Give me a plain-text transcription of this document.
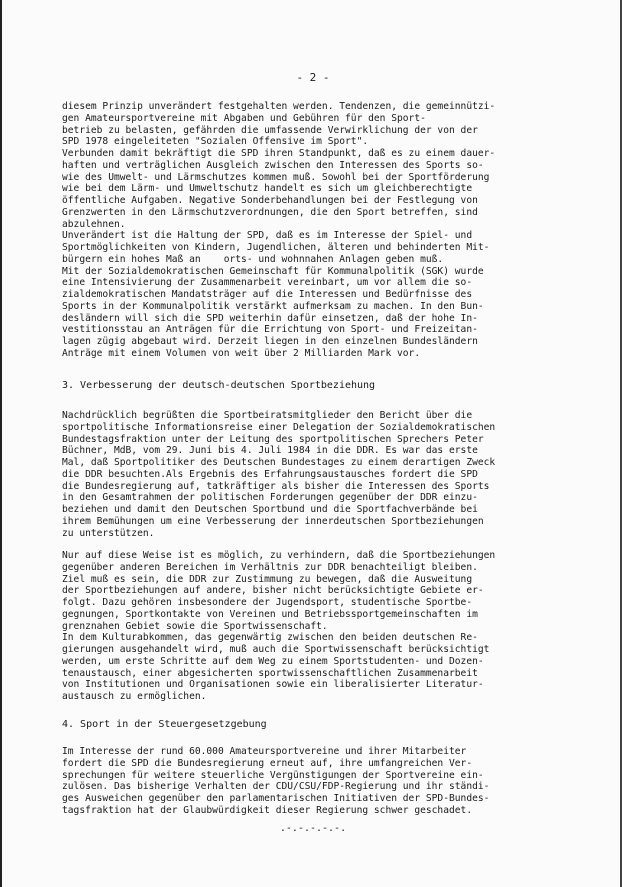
- 2 -

diesem Prinzip unverändert festgehalten werden. Tendenzen, die gemeinnützi-

gen Amateursportvereine mit Abgaben und Gebühren für den Sport-

betrieb zu belasten, gefährden die umfassende Verwirklichung der von der

SPD 1978 eingeleiteten "Sozialen Offensive im Sport".

Verbunden damit bekräftigt die SPD ihren Standpunkt, daß es zu einem dauer-

haften und verträglichen Ausgleich zwischen den Interessen des Sports so-

wie des Umwelt- und Lärmschutzes kommen muß. Sowohl bei der Sportförderung

wie bei dem Lärm- und Umweltschutz handelt es sich um gleichberechtigte

öffentliche Aufgaben. Negative Sonderbehandlungen bei der Festlegung von

Grenzwerten in den Lärmschutzverordnungen, die den Sport betreffen, sind

abzulehnen.

Unverändert ist die Haltung der SPD, daß es im Interesse der Spiel- und

Sportmöglichkeiten von Kindern, Jugendlichen, älteren und behinderten Mit-

bürgern ein hohes Maß an    orts- und wohnnahen Anlagen geben muß.

Mit der Sozialdemokratischen Gemeinschaft für Kommunalpolitik (SGK) wurde

eine Intensivierung der Zusammenarbeit vereinbart, um vor allem die so-

zialdemokratischen Mandatsträger auf die Interessen und Bedürfnisse des

Sports in der Kommunalpolitik verstärkt aufmerksam zu machen. In den Bun-

desländern will sich die SPD weiterhin dafür einsetzen, daß der hohe In-

vestitionsstau an Anträgen für die Errichtung von Sport- und Freizeitan-

lagen zügig abgebaut wird. Derzeit liegen in den einzelnen Bundesländern

Anträge mit einem Volumen von weit über 2 Milliarden Mark vor.

3. Verbesserung der deutsch-deutschen Sportbeziehung

Nachdrücklich begrüßten die Sportbeiratsmitglieder den Bericht über die

sportpolitische Informationsreise einer Delegation der Sozialdemokratischen

Bundestagsfraktion unter der Leitung des sportpolitischen Sprechers Peter

Büchner, MdB, vom 29. Juni bis 4. Juli 1984 in die DDR. Es war das erste

Mal, daß Sportpolitiker des Deutschen Bundestages zu einem derartigen Zweck

die DDR besuchten.Als Ergebnis des Erfahrungsaustausches fordert die SPD

die Bundesregierung auf, tatkräftiger als bisher die Interessen des Sports

in den Gesamtrahmen der politischen Forderungen gegenüber der DDR einzu-

beziehen und damit den Deutschen Sportbund und die Sportfachverbände bei

ihrem Bemühungen um eine Verbesserung der innerdeutschen Sportbeziehungen

zu unterstützen.

Nur auf diese Weise ist es möglich, zu verhindern, daß die Sportbeziehungen

gegenüber anderen Bereichen im Verhältnis zur DDR benachteiligt bleiben.

Ziel muß es sein, die DDR zur Zustimmung zu bewegen, daß die Ausweitung

der Sportbeziehungen auf andere, bisher nicht berücksichtigte Gebiete er-

folgt. Dazu gehören insbesondere der Jugendsport, studentische Sportbe-

gegnungen, Sportkontakte von Vereinen und Betriebssportgemeinschaften im

grenznahen Gebiet sowie die Sportwissenschaft.

In dem Kulturabkommen, das gegenwärtig zwischen den beiden deutschen Re-

gierungen ausgehandelt wird, muß auch die Sportwissenschaft berücksichtigt

werden, um erste Schritte auf dem Weg zu einem Sportstudenten- und Dozen-

tenaustausch, einer abgesicherten sportwissenschaftlichen Zusammenarbeit

von Institutionen und Organisationen sowie ein liberalisierter Literatur-

austausch zu ermöglichen.

4. Sport in der Steuergesetzgebung

Im Interesse der rund 60.000 Amateursportvereine und ihrer Mitarbeiter

fordert die SPD die Bundesregierung erneut auf, ihre umfangreichen Ver-

sprechungen für weitere steuerliche Vergünstigungen der Sportvereine ein-

zulösen. Das bisherige Verhalten der CDU/CSU/FDP-Regierung und ihr ständi-

ges Ausweichen gegenüber den parlamentarischen Initiativen der SPD-Bundes-

tagsfraktion hat der Glaubwürdigkeit dieser Regierung schwer geschadet.

.-.-.-.-.-.
